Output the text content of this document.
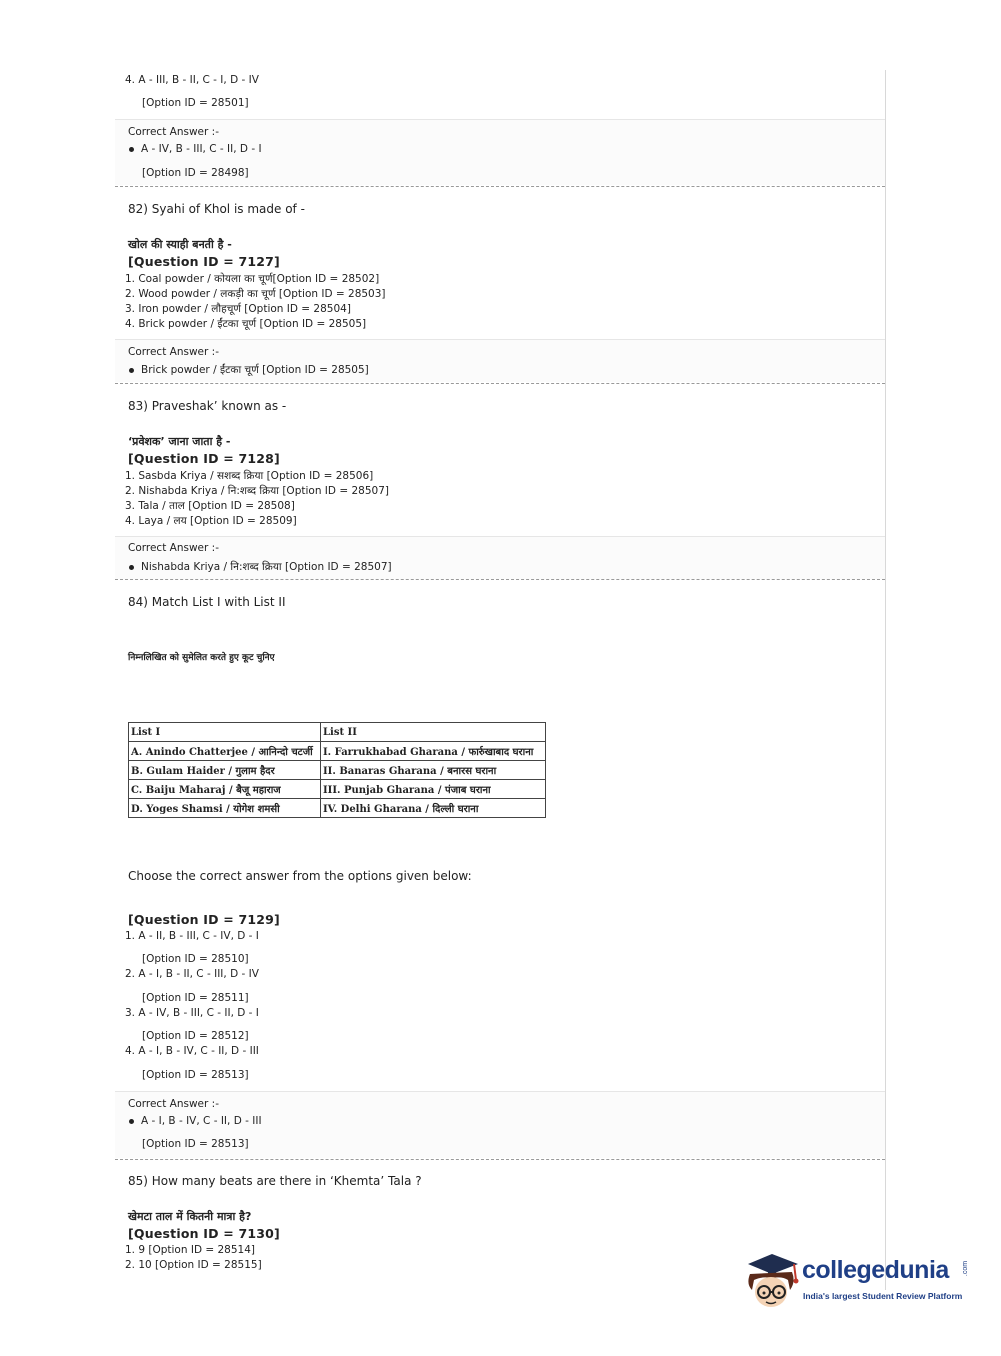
4. A - III, B - II, C - I, D - IV
[Option ID = 28501]
Correct Answer :-
A - IV, B - III, C - II, D - I
[Option ID = 28498]
82) Syahi of Khol is made of -
खोल की स्याही बनती है -
[Question ID = 7127]
1. Coal powder / कोयला का चूर्ण[Option ID = 28502]
2. Wood powder / लकड़ी का चूर्ण [Option ID = 28503]
3. Iron powder / लौहचूर्ण [Option ID = 28504]
4. Brick powder / ईंटका चूर्ण [Option ID = 28505]
Correct Answer :-
Brick powder / ईंटका चूर्ण [Option ID = 28505]
83) Praveshak’ known as -
‘प्रवेशक’ जाना जाता है -
[Question ID = 7128]
1. Sasbda Kriya / सशब्द क्रिया [Option ID = 28506]
2. Nishabda Kriya / नि:शब्द क्रिया [Option ID = 28507]
3. Tala / ताल [Option ID = 28508]
4. Laya / लय [Option ID = 28509]
Correct Answer :-
Nishabda Kriya / नि:शब्द क्रिया [Option ID = 28507]
84) Match List I with List II
निम्नलिखित को सुमेलित करते हुए कूट चुनिए
List I	List II
A. Anindo Chatterjee / आनिन्दो चटर्जी	I. Farrukhabad Gharana / फार्रुखाबाद घराना
B. Gulam Haider / गुलाम हैदर	II. Banaras Gharana / बनारस घराना
C. Baiju Maharaj / बैजू महाराज	III. Punjab Gharana / पंजाब घराना
D. Yoges Shamsi / योगेश शमसी	IV. Delhi Gharana / दिल्ली घराना
Choose the correct answer from the options given below:
[Question ID = 7129]
1. A - II, B - III, C - IV, D - I
[Option ID = 28510]
2. A - I, B - II, C - III, D - IV
[Option ID = 28511]
3. A - IV, B - III, C - II, D - I
[Option ID = 28512]
4. A - I, B - IV, C - II, D - III
[Option ID = 28513]
Correct Answer :-
A - I, B - IV, C - II, D - III
[Option ID = 28513]
85) How many beats are there in ‘Khemta’ Tala ?
खेमटा ताल में कितनी मात्रा है?
[Question ID = 7130]
1. 9 [Option ID = 28514]
2. 10 [Option ID = 28515]	collegedunia .com
India's largest Student Review Platform
